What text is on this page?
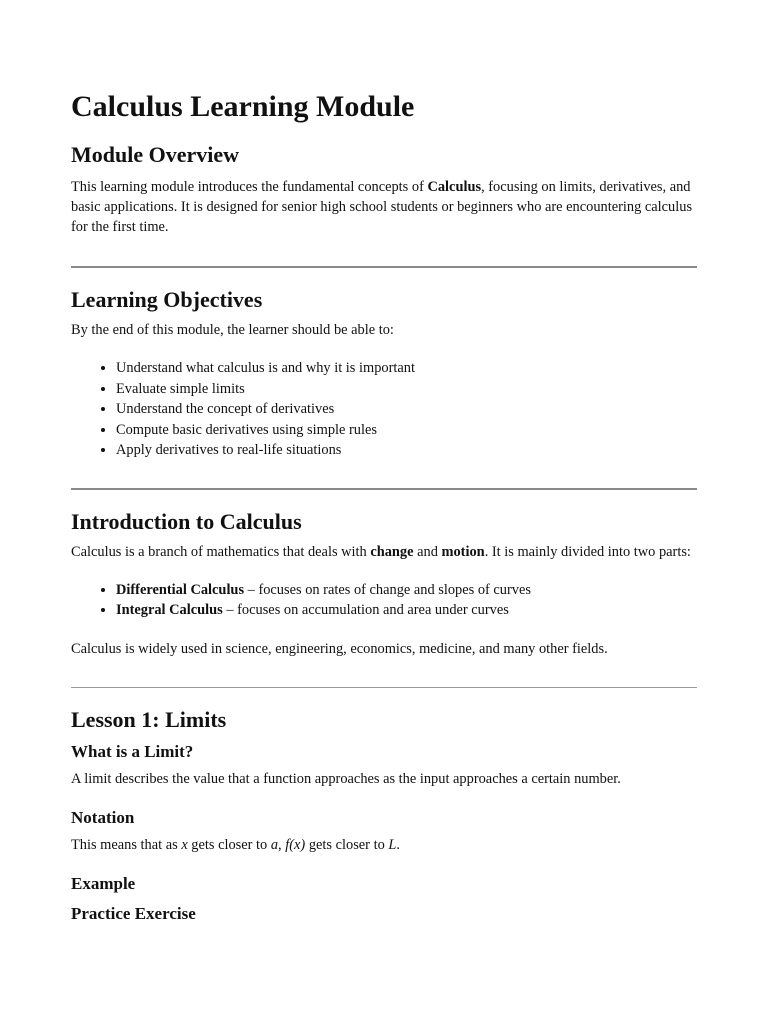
Calculus Learning Module
Module Overview

This learning module introduces the fundamental concepts of Calculus, focusing on limits, derivatives, and basic applications. It is designed for senior high school students or beginners who are encountering calculus for the first time.

Learning Objectives

By the end of this module, the learner should be able to:

• Understand what calculus is and why it is important
• Evaluate simple limits
• Understand the concept of derivatives
• Compute basic derivatives using simple rules
• Apply derivatives to real-life situations
Introduction to Calculus

Calculus is a branch of mathematics that deals with change and motion. It is mainly divided into two parts:

• Differential Calculus – focuses on rates of change and slopes of curves
• Integral Calculus – focuses on accumulation and area under curves

Calculus is widely used in science, engineering, economics, medicine, and many other fields.

Lesson 1: Limits
What is a Limit?

A limit describes the value that a function approaches as the input approaches a certain number.

Notation

This means that as x gets closer to a, f(x) gets closer to L.

Example
Practice Exercise
